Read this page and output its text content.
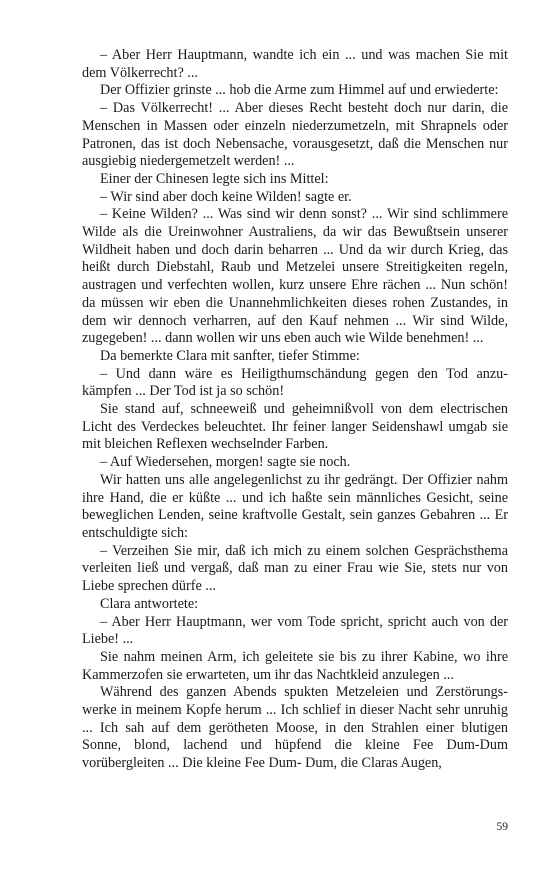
– Aber Herr Hauptmann, wandte ich ein ... und was machen Sie mit dem Völkerrecht? ...

Der Offizier grinste ... hob die Arme zum Himmel auf und erwiederte:

– Das Völkerrecht! ... Aber dieses Recht besteht doch nur darin, die Menschen in Massen oder einzeln niederzumetzeln, mit Shrapnels oder Patronen, das ist doch Nebensache, vorausgesetzt, daß die Menschen nur ausgiebig niedergemetzelt werden! ...

Einer der Chinesen legte sich ins Mittel:

– Wir sind aber doch keine Wilden! sagte er.

– Keine Wilden? ... Was sind wir denn sonst? ... Wir sind schlimmere Wilde als die Ureinwohner Australiens, da wir das Bewußtsein unserer Wildheit haben und doch darin beharren ... Und da wir durch Krieg, das heißt durch Diebstahl, Raub und Metzelei unsere Streitigkeiten regeln, austragen und verfechten wollen, kurz unsere Ehre rächen ... Nun schön! da müssen wir eben die Unannehmlichkeiten dieses rohen Zustandes, in dem wir dennoch verharren, auf den Kauf nehmen ... Wir sind Wilde, zugegeben! ... dann wollen wir uns eben auch wie Wilde benehmen! ...

Da bemerkte Clara mit sanfter, tiefer Stimme:

– Und dann wäre es Heiligthumschändung gegen den Tod anzukämpfen ... Der Tod ist ja so schön!

Sie stand auf, schneeweiß und geheimnißvoll von dem electrischen Licht des Verdeckes beleuchtet. Ihr feiner langer Seidenshawl umgab sie mit bleichen Reflexen wechselnder Farben.

– Auf Wiedersehen, morgen! sagte sie noch.

Wir hatten uns alle angelegenlichst zu ihr gedrängt. Der Offizier nahm ihre Hand, die er küßte ... und ich haßte sein männliches Gesicht, seine beweglichen Lenden, seine kraftvolle Gestalt, sein ganzes Gebahren ... Er entschuldigte sich:

– Verzeihen Sie mir, daß ich mich zu einem solchen Gesprächsthema verleiten ließ und vergaß, daß man zu einer Frau wie Sie, stets nur von Liebe sprechen dürfe ...

Clara antwortete:

– Aber Herr Hauptmann, wer vom Tode spricht, spricht auch von der Liebe! ...

Sie nahm meinen Arm, ich geleitete sie bis zu ihrer Kabine, wo ihre Kammerzofen sie erwarteten, um ihr das Nachtkleid anzulegen ...

Während des ganzen Abends spukten Metzeleien und Zerstörungswerke in meinem Kopfe herum ... Ich schlief in dieser Nacht sehr unruhig ... Ich sah auf dem gerötheten Moose, in den Strahlen einer blutigen Sonne, blond, lachend und hüpfend die kleine Fee Dum-Dum vorübergleiten ... Die kleine Fee Dum- Dum, die Claras Augen,

59
